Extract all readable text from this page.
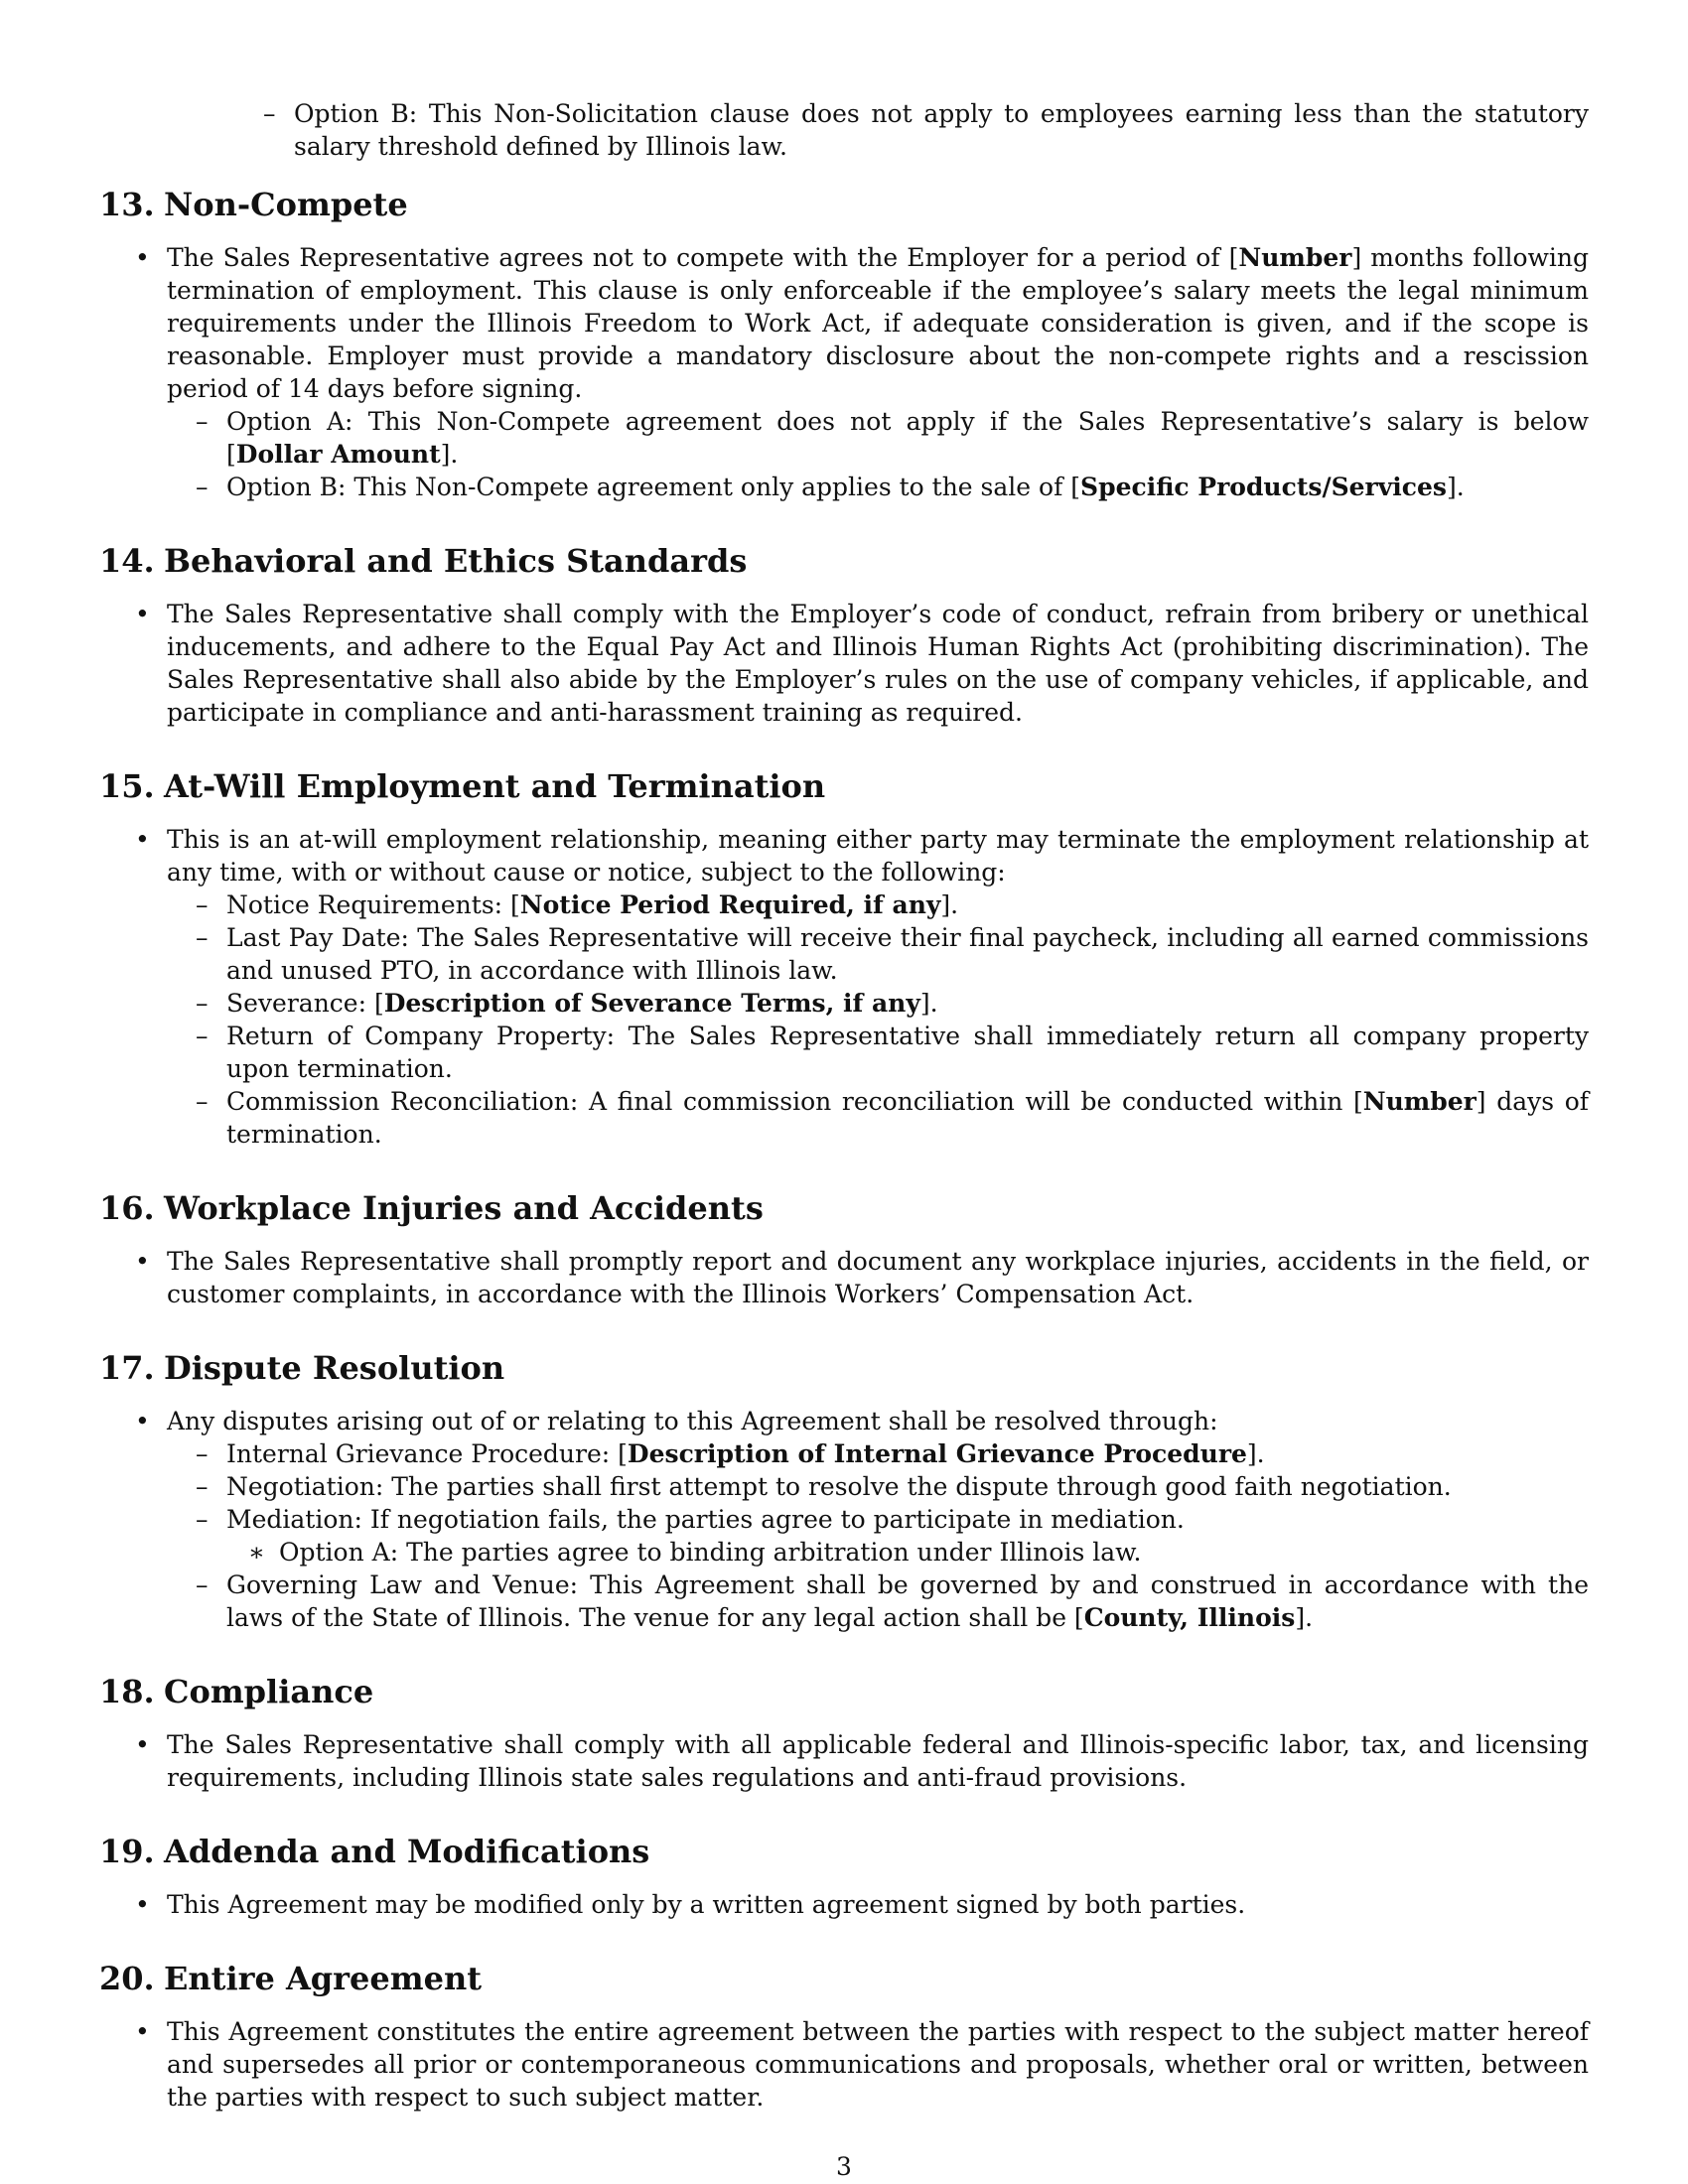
– Option B: This Non-Solicitation clause does not apply to employees earning less than the statutory salary threshold defined by Illinois law.
13. Non-Compete
• The Sales Representative agrees not to compete with the Employer for a period of [Number] months following termination of employment. This clause is only enforceable if the employee’s salary meets the legal minimum requirements under the Illinois Freedom to Work Act, if adequate consideration is given, and if the scope is reasonable. Employer must provide a mandatory disclosure about the non-compete rights and a rescission period of 14 days before signing.
– Option A: This Non-Compete agreement does not apply if the Sales Representative’s salary is below [Dollar Amount].
– Option B: This Non-Compete agreement only applies to the sale of [Specific Products/Services].
14. Behavioral and Ethics Standards
• The Sales Representative shall comply with the Employer’s code of conduct, refrain from bribery or unethical inducements, and adhere to the Equal Pay Act and Illinois Human Rights Act (prohibiting discrimination). The Sales Representative shall also abide by the Employer’s rules on the use of company vehicles, if applicable, and participate in compliance and anti-harassment training as required.
15. At-Will Employment and Termination
• This is an at-will employment relationship, meaning either party may terminate the employment relationship at any time, with or without cause or notice, subject to the following:
– Notice Requirements: [Notice Period Required, if any].
– Last Pay Date: The Sales Representative will receive their final paycheck, including all earned commissions and unused PTO, in accordance with Illinois law.
– Severance: [Description of Severance Terms, if any].
– Return of Company Property: The Sales Representative shall immediately return all company property upon termination.
– Commission Reconciliation: A final commission reconciliation will be conducted within [Number] days of termination.
16. Workplace Injuries and Accidents
• The Sales Representative shall promptly report and document any workplace injuries, accidents in the field, or customer complaints, in accordance with the Illinois Workers’ Compensation Act.
17. Dispute Resolution
• Any disputes arising out of or relating to this Agreement shall be resolved through:
– Internal Grievance Procedure: [Description of Internal Grievance Procedure].
– Negotiation: The parties shall first attempt to resolve the dispute through good faith negotiation.
– Mediation: If negotiation fails, the parties agree to participate in mediation.
∗ Option A: The parties agree to binding arbitration under Illinois law.
– Governing Law and Venue: This Agreement shall be governed by and construed in accordance with the laws of the State of Illinois. The venue for any legal action shall be [County, Illinois].
18. Compliance
• The Sales Representative shall comply with all applicable federal and Illinois-specific labor, tax, and licensing requirements, including Illinois state sales regulations and anti-fraud provisions.
19. Addenda and Modifications
• This Agreement may be modified only by a written agreement signed by both parties.
20. Entire Agreement
• This Agreement constitutes the entire agreement between the parties with respect to the subject matter hereof and supersedes all prior or contemporaneous communications and proposals, whether oral or written, between the parties with respect to such subject matter.
3
